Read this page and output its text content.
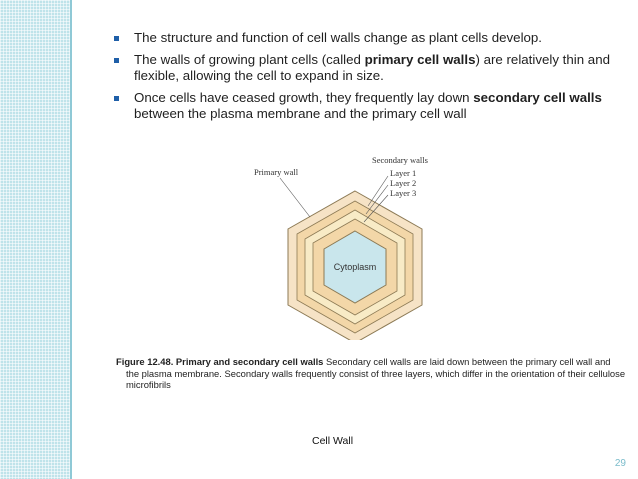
The structure and function of cell walls change as plant cells develop.
The walls of growing plant cells (called primary cell walls) are relatively thin and flexible, allowing the cell to expand in size.
Once cells have ceased growth, they frequently lay down secondary cell walls between the plasma membrane and the primary cell wall
Primary wall
Secondary walls
Layer 1
Layer 2
Layer 3
Cytoplasm
Figure 12.48. Primary and secondary cell walls Secondary cell walls are laid down between the primary cell wall and the plasma membrane. Secondary walls frequently consist of three layers, which differ in the orientation of their cellulose microfibrils
Cell Wall
29
